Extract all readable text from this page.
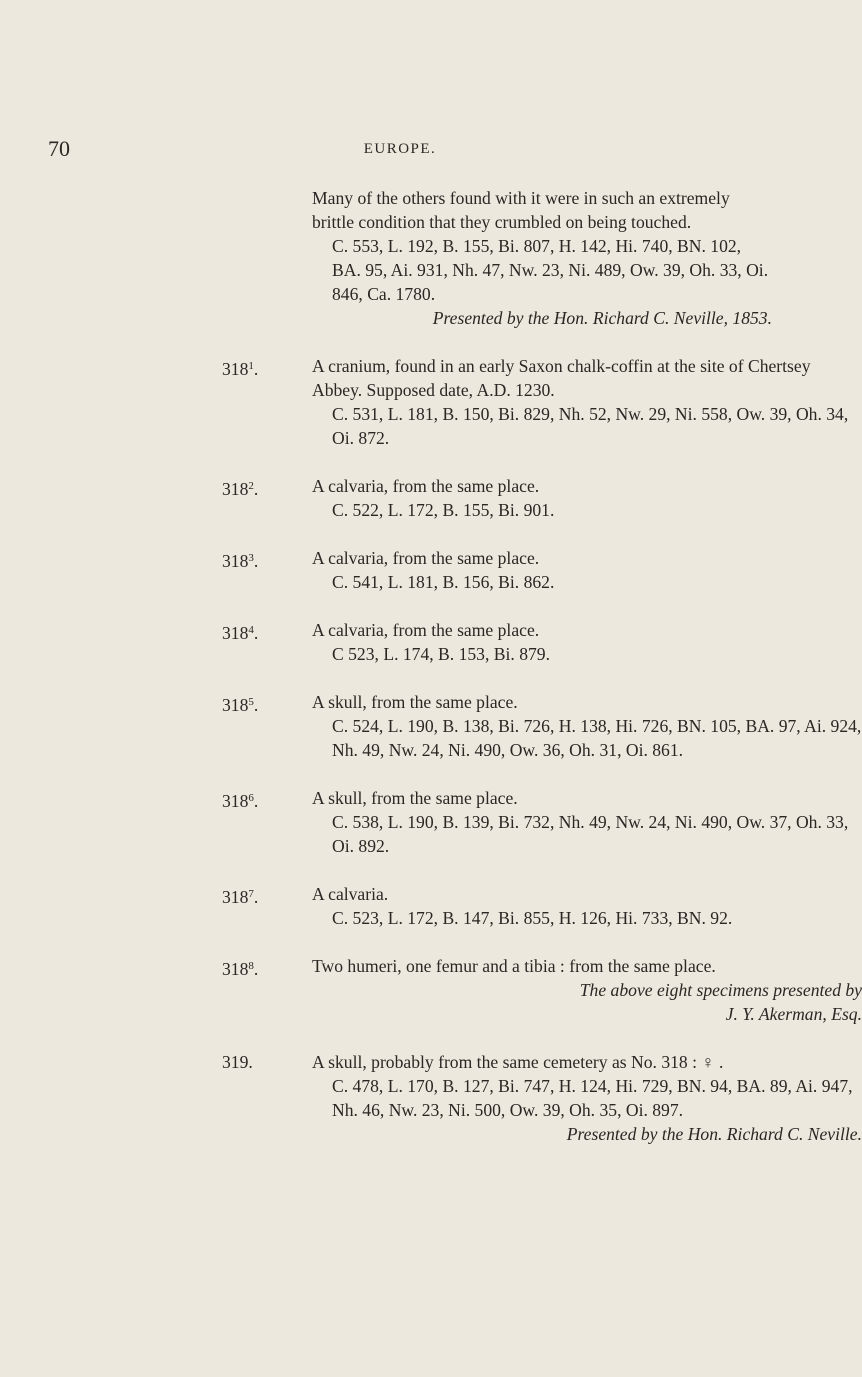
70	EUROPE.

Many of the others found with it were in such an extremely brittle condition that they crumbled on being touched.

C. 553, L. 192, B. 155, Bi. 807, H. 142, Hi. 740, BN. 102, BA. 95, Ai. 931, Nh. 47, Nw. 23, Ni. 489, Ow. 39, Oh. 33, Oi. 846, Ca. 1780.

Presented by the Hon. Richard C. Neville, 1853.

$318^1$.	A cranium, found in an early Saxon chalk-coffin at the site of Chertsey Abbey. Supposed date, A.D. 1230.

C. 531, L. 181, B. 150, Bi. 829, Nh. 52, Nw. 29, Ni. 558, Ow. 39, Oh. 34, Oi. 872.

$318^2$.	A calvaria, from the same place.

C. 522, L. 172, B. 155, Bi. 901.

$318^3$.	A calvaria, from the same place.

C. 541, L. 181, B. 156, Bi. 862.

$318^4$.	A calvaria, from the same place.

C 523, L. 174, B. 153, Bi. 879.

$318^5$.	A skull, from the same place.

C. 524, L. 190, B. 138, Bi. 726, H. 138, Hi. 726, BN. 105, BA. 97, Ai. 924, Nh. 49, Nw. 24, Ni. 490, Ow. 36, Oh. 31, Oi. 861.

$318^6$.	A skull, from the same place.

C. 538, L. 190, B. 139, Bi. 732, Nh. 49, Nw. 24, Ni. 490, Ow. 37, Oh. 33, Oi. 892.

$318^7$.	A calvaria.

C. 523, L. 172, B. 147, Bi. 855, H. 126, Hi. 733, BN. 92.

$318^8$.	Two humeri, one femur and a tibia : from the same place.

The above eight specimens presented by
J. Y. Akerman, Esq.

319.	A skull, probably from the same cemetery as No. 318 : ♀ .

C. 478, L. 170, B. 127, Bi. 747, H. 124, Hi. 729, BN. 94, BA. 89, Ai. 947, Nh. 46, Nw. 23, Ni. 500, Ow. 39, Oh. 35, Oi. 897.

Presented by the Hon. Richard C. Neville.
